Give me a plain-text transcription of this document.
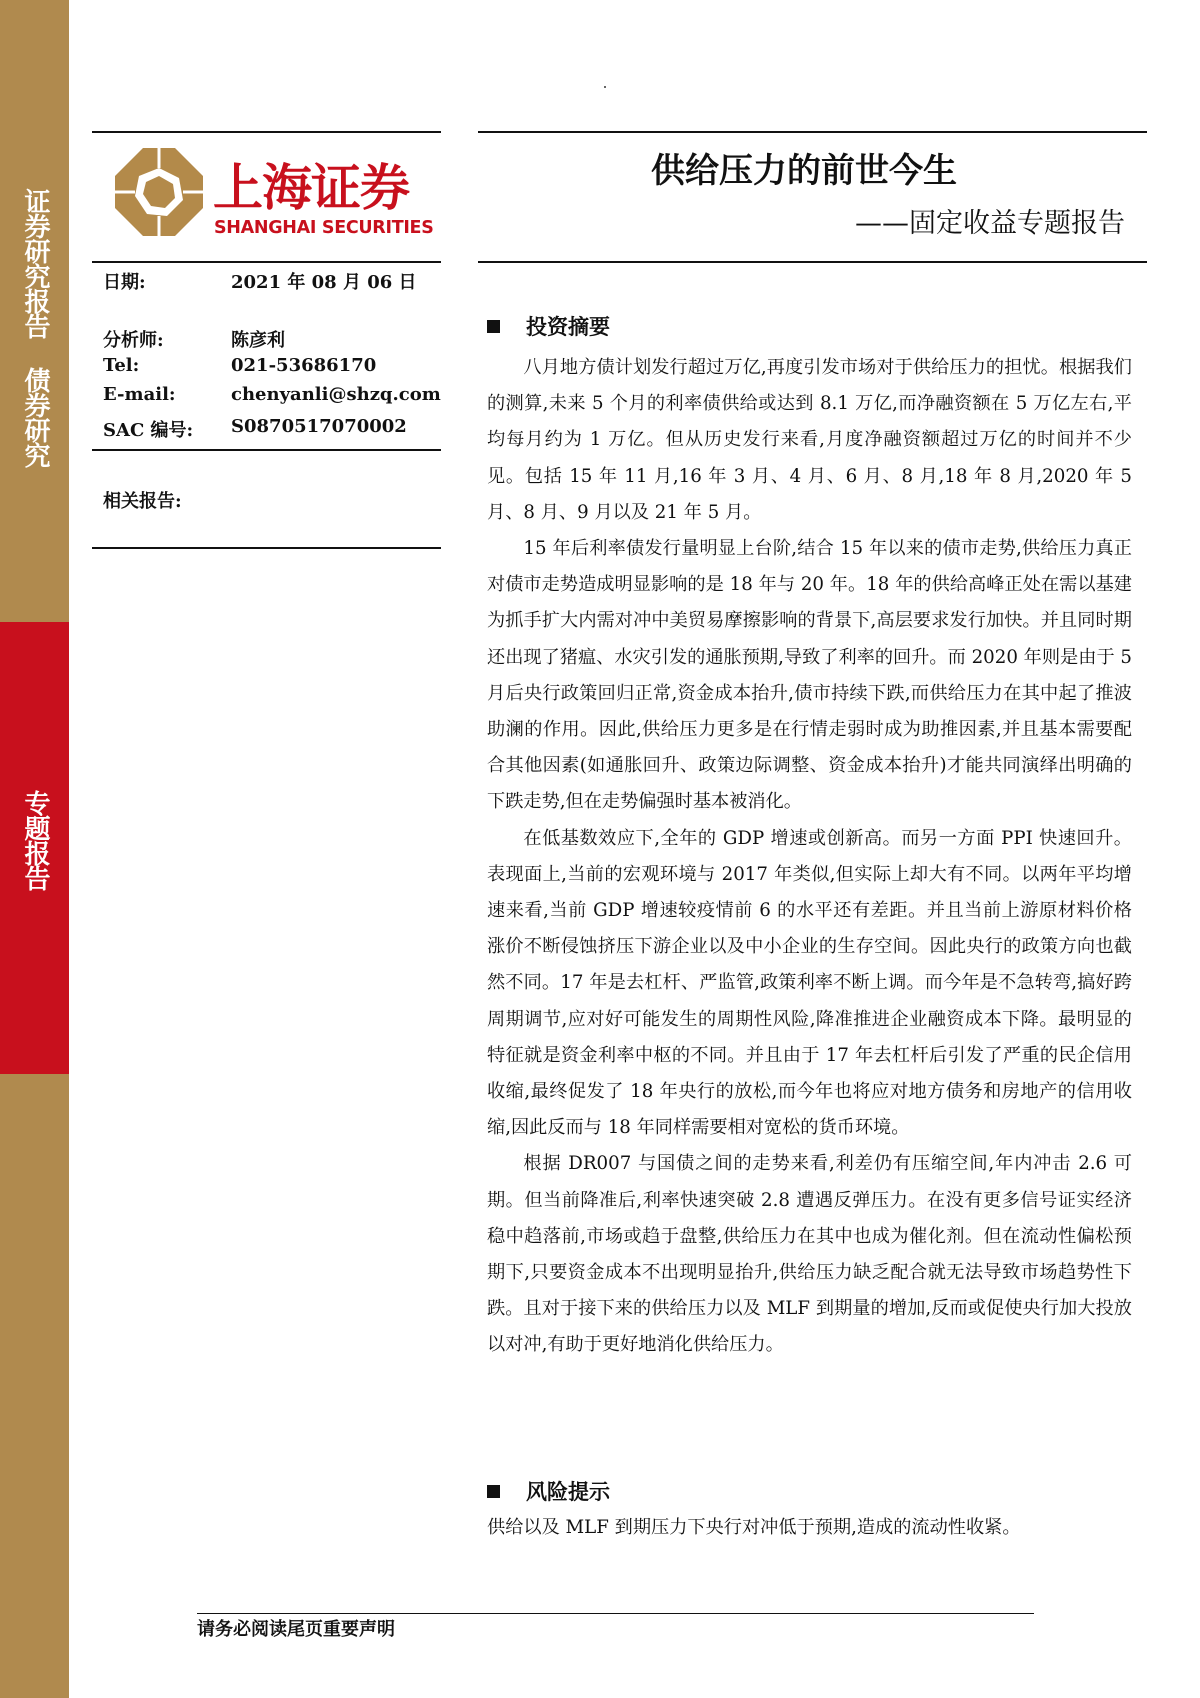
证券研究报告 债券研究
专题报告
上海证券
SHANGHAI SECURITIES
供给压力的前世今生
——固定收益专题报告
日期:	2021 年 08 月 06 日
分析师:	陈彦利
Tel:	021-53686170
E-mail:	chenyanli@shzq.com
SAC 编号: S0870517070002
相关报告:
投资摘要

八月地方债计划发行超过万亿,再度引发市场对于供给压力的担忧。根据我们的测算,未来 5 个月的利率债供给或达到 8.1 万亿,而净融资额在 5 万亿左右,平均每月约为 1 万亿。但从历史发行来看,月度净融资额超过万亿的时间并不少见。包括 15 年 11 月,16 年 3 月、4 月、6 月、8 月,18 年 8 月,2020 年 5 月、8 月、9 月以及 21 年 5 月。

15 年后利率债发行量明显上台阶,结合 15 年以来的债市走势,供给压力真正对债市走势造成明显影响的是 18 年与 20 年。18 年的供给高峰正处在需以基建为抓手扩大内需对冲中美贸易摩擦影响的背景下,高层要求发行加快。并且同时期还出现了猪瘟、水灾引发的通胀预期,导致了利率的回升。而 2020 年则是由于 5 月后央行政策回归正常,资金成本抬升,债市持续下跌,而供给压力在其中起了推波助澜的作用。因此,供给压力更多是在行情走弱时成为助推因素,并且基本需要配合其他因素(如通胀回升、政策边际调整、资金成本抬升)才能共同演绎出明确的下跌走势,但在走势偏强时基本被消化。

在低基数效应下,全年的 GDP 增速或创新高。而另一方面 PPI 快速回升。表现面上,当前的宏观环境与 2017 年类似,但实际上却大有不同。以两年平均增速来看,当前 GDP 增速较疫情前 6 的水平还有差距。并且当前上游原材料价格涨价不断侵蚀挤压下游企业以及中小企业的生存空间。因此央行的政策方向也截然不同。17 年是去杠杆、严监管,政策利率不断上调。而今年是不急转弯,搞好跨周期调节,应对好可能发生的周期性风险,降准推进企业融资成本下降。最明显的特征就是资金利率中枢的不同。并且由于 17 年去杠杆后引发了严重的民企信用收缩,最终促发了 18 年央行的放松,而今年也将应对地方债务和房地产的信用收缩,因此反而与 18 年同样需要相对宽松的货币环境。

根据 DR007 与国债之间的走势来看,利差仍有压缩空间,年内冲击 2.6 可期。但当前降准后,利率快速突破 2.8 遭遇反弹压力。在没有更多信号证实经济稳中趋落前,市场或趋于盘整,供给压力在其中也成为催化剂。但在流动性偏松预期下,只要资金成本不出现明显抬升,供给压力缺乏配合就无法导致市场趋势性下跌。且对于接下来的供给压力以及 MLF 到期量的增加,反而或促使央行加大投放以对冲,有助于更好地消化供给压力。

风险提示
供给以及 MLF 到期压力下央行对冲低于预期,造成的流动性收紧。
请务必阅读尾页重要声明
